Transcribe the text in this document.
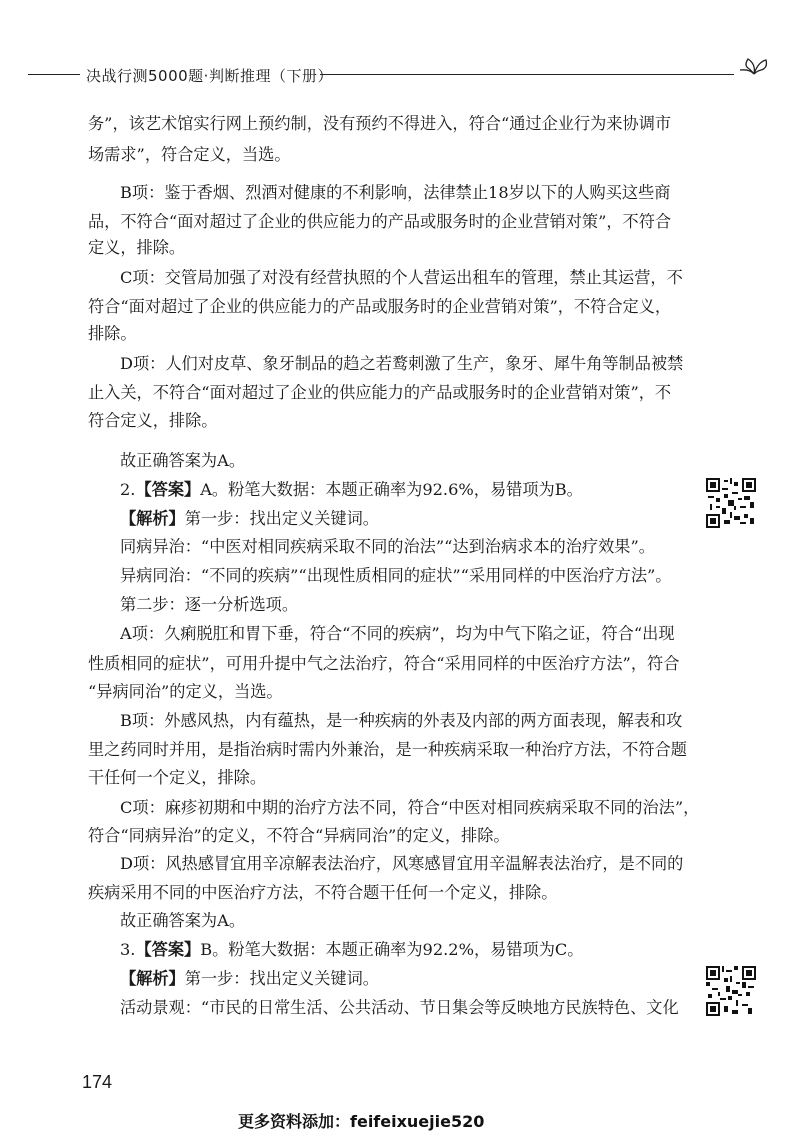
决战行测5000题·判断推理（下册）
务”，该艺术馆实行网上预约制，没有预约不得进入，符合“通过企业行为来协调市
场需求”，符合定义，当选。
B项：鉴于香烟、烈酒对健康的不利影响，法律禁止18岁以下的人购买这些商
品，不符合“面对超过了企业的供应能力的产品或服务时的企业营销对策”，不符合
定义，排除。
C项：交管局加强了对没有经营执照的个人营运出租车的管理，禁止其运营，不
符合“面对超过了企业的供应能力的产品或服务时的企业营销对策”，不符合定义，
排除。
D项：人们对皮草、象牙制品的趋之若鹜刺激了生产，象牙、犀牛角等制品被禁
止入关，不符合“面对超过了企业的供应能力的产品或服务时的企业营销对策”，不
符合定义，排除。
故正确答案为A。
2.【答案】A。粉笔大数据：本题正确率为92.6%，易错项为B。
【解析】第一步：找出定义关键词。
同病异治：“中医对相同疾病采取不同的治法”“达到治病求本的治疗效果”。
异病同治：“不同的疾病”“出现性质相同的症状”“采用同样的中医治疗方法”。
第二步：逐一分析选项。
A项：久痢脱肛和胃下垂，符合“不同的疾病”，均为中气下陷之证，符合“出现
性质相同的症状”，可用升提中气之法治疗，符合“采用同样的中医治疗方法”，符合
“异病同治”的定义，当选。
B项：外感风热，内有蕴热，是一种疾病的外表及内部的两方面表现，解表和攻
里之药同时并用，是指治病时需内外兼治，是一种疾病采取一种治疗方法，不符合题
干任何一个定义，排除。
C项：麻疹初期和中期的治疗方法不同，符合“中医对相同疾病采取不同的治法”，
符合“同病异治”的定义，不符合“异病同治”的定义，排除。
D项：风热感冒宜用辛凉解表法治疗，风寒感冒宜用辛温解表法治疗，是不同的
疾病采用不同的中医治疗方法，不符合题干任何一个定义，排除。
故正确答案为A。
3.【答案】B。粉笔大数据：本题正确率为92.2%，易错项为C。
【解析】第一步：找出定义关键词。
活动景观：“市民的日常生活、公共活动、节日集会等反映地方民族特色、文化
174
更多资料添加：feifeixuejie520
